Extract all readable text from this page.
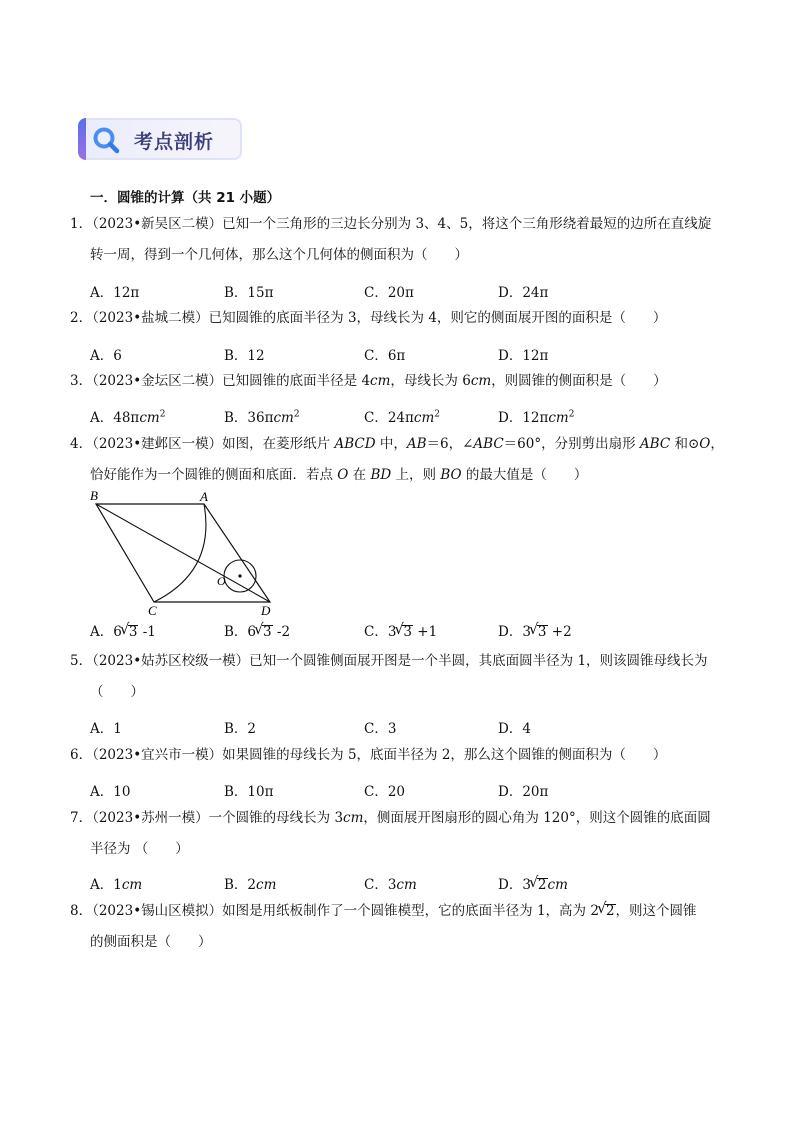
考点剖析
一．圆锥的计算（共 21 小题）
1．（2023•新吴区二模）已知一个三角形的三边长分别为 3、4、5，将这个三角形绕着最短的边所在直线旋
转一周，得到一个几何体，那么这个几何体的侧面积为（　　）
A．12π	B．15π	C．20π	D．24π
2．（2023•盐城二模）已知圆锥的底面半径为 3，母线长为 4，则它的侧面展开图的面积是（　　）
A．6	B．12	C．6π	D．12π
3．（2023•金坛区二模）已知圆锥的底面半径是 4cm，母线长为 6cm，则圆锥的侧面积是（　　）
A．48πcm$^2$	B．36πcm$^2$	C．24πcm$^2$	D．12πcm$^2$
4．（2023•建邺区一模）如图，在菱形纸片 ABCD 中，AB＝6，∠ABC＝60°，分别剪出扇形 ABC 和⊙O，
恰好能作为一个圆锥的侧面和底面．若点 O 在 BD 上，则 BO 的最大值是（　　）
B	A
C	D
O
A．6 √ 3 -1	B．6 √ 3 -2	C．3 √ 3 +1	D．3 √ 3 +2
5．（2023•姑苏区校级一模）已知一个圆锥侧面展开图是一个半圆，其底面圆半径为 1，则该圆锥母线长为
（　　）
A．1	B．2	C．3	D．4
6．（2023•宜兴市一模）如果圆锥的母线长为 5，底面半径为 2，那么这个圆锥的侧面积为（　　）
A．10	B．10π	C．20	D．20π
7．（2023•苏州一模）一个圆锥的母线长为 3cm，侧面展开图扇形的圆心角为 120°，则这个圆锥的底面圆
半径为 （　　）
A．1cm	B．2cm	C．3cm	D．3 √ 2cm
8．（2023•锡山区模拟）如图是用纸板制作了一个圆锥模型，它的底面半径为 1，高为 2 √ 2，则这个圆锥
的侧面积是（　　）
